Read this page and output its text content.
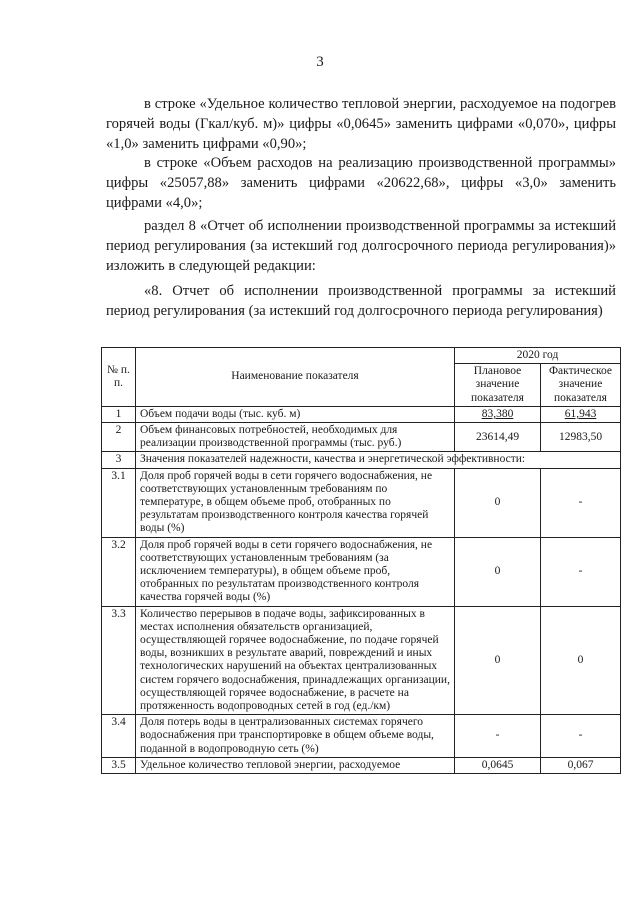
3
в строке «Удельное количество тепловой энергии, расходуемое на подогрев горячей воды (Гкал/куб. м)» цифры «0,0645» заменить цифрами «0,070», цифры «1,0» заменить цифрами «0,90»;
в строке «Объем расходов на реализацию производственной программы» цифры «25057,88» заменить цифрами «20622,68», цифры «3,0» заменить цифрами «4,0»;
раздел 8 «Отчет об исполнении производственной программы за истекший период регулирования (за истекший год долгосрочного периода регулирования)» изложить в следующей редакции:
«8. Отчет об исполнении производственной программы за истекший период регулирования (за истекший год долгосрочного периода регулирования)
№ п. п.	Наименование показателя	2020 год	
		Плановое значение показателя	Фактическое значение показателя
1	Объем подачи воды (тыс. куб. м)	83,380	61,943
2	Объем финансовых потребностей, необходимых для реализации производственной программы (тыс. руб.)	23614,49	12983,50
3	Значения показателей надежности, качества и энергетической эффективности:		
3.1	Доля проб горячей воды в сети горячего водоснабжения, не соответствующих установленным требованиям по температуре, в общем объеме проб, отобранных по результатам производственного контроля качества горячей воды (%)	0	-
3.2	Доля проб горячей воды в сети горячего водоснабжения, не соответствующих установленным требованиям (за исключением температуры), в общем объеме проб, отобранных по результатам производственного контроля качества горячей воды (%)	0	-
3.3	Количество перерывов в подаче воды, зафиксированных в местах исполнения обязательств организацией, осуществляющей горячее водоснабжение, по подаче горячей воды, возникших в результате аварий, повреждений и иных технологических нарушений на объектах централизованных систем горячего водоснабжения, принадлежащих организации, осуществляющей горячее водоснабжение, в расчете на протяженность водопроводных сетей в год (ед./км)	0	0
3.4	Доля потерь воды в централизованных системах горячего водоснабжения при транспортировке в общем объеме воды, поданной в водопроводную сеть (%)	-	-
3.5	Удельное количество тепловой энергии, расходуемое	0,0645	0,067
